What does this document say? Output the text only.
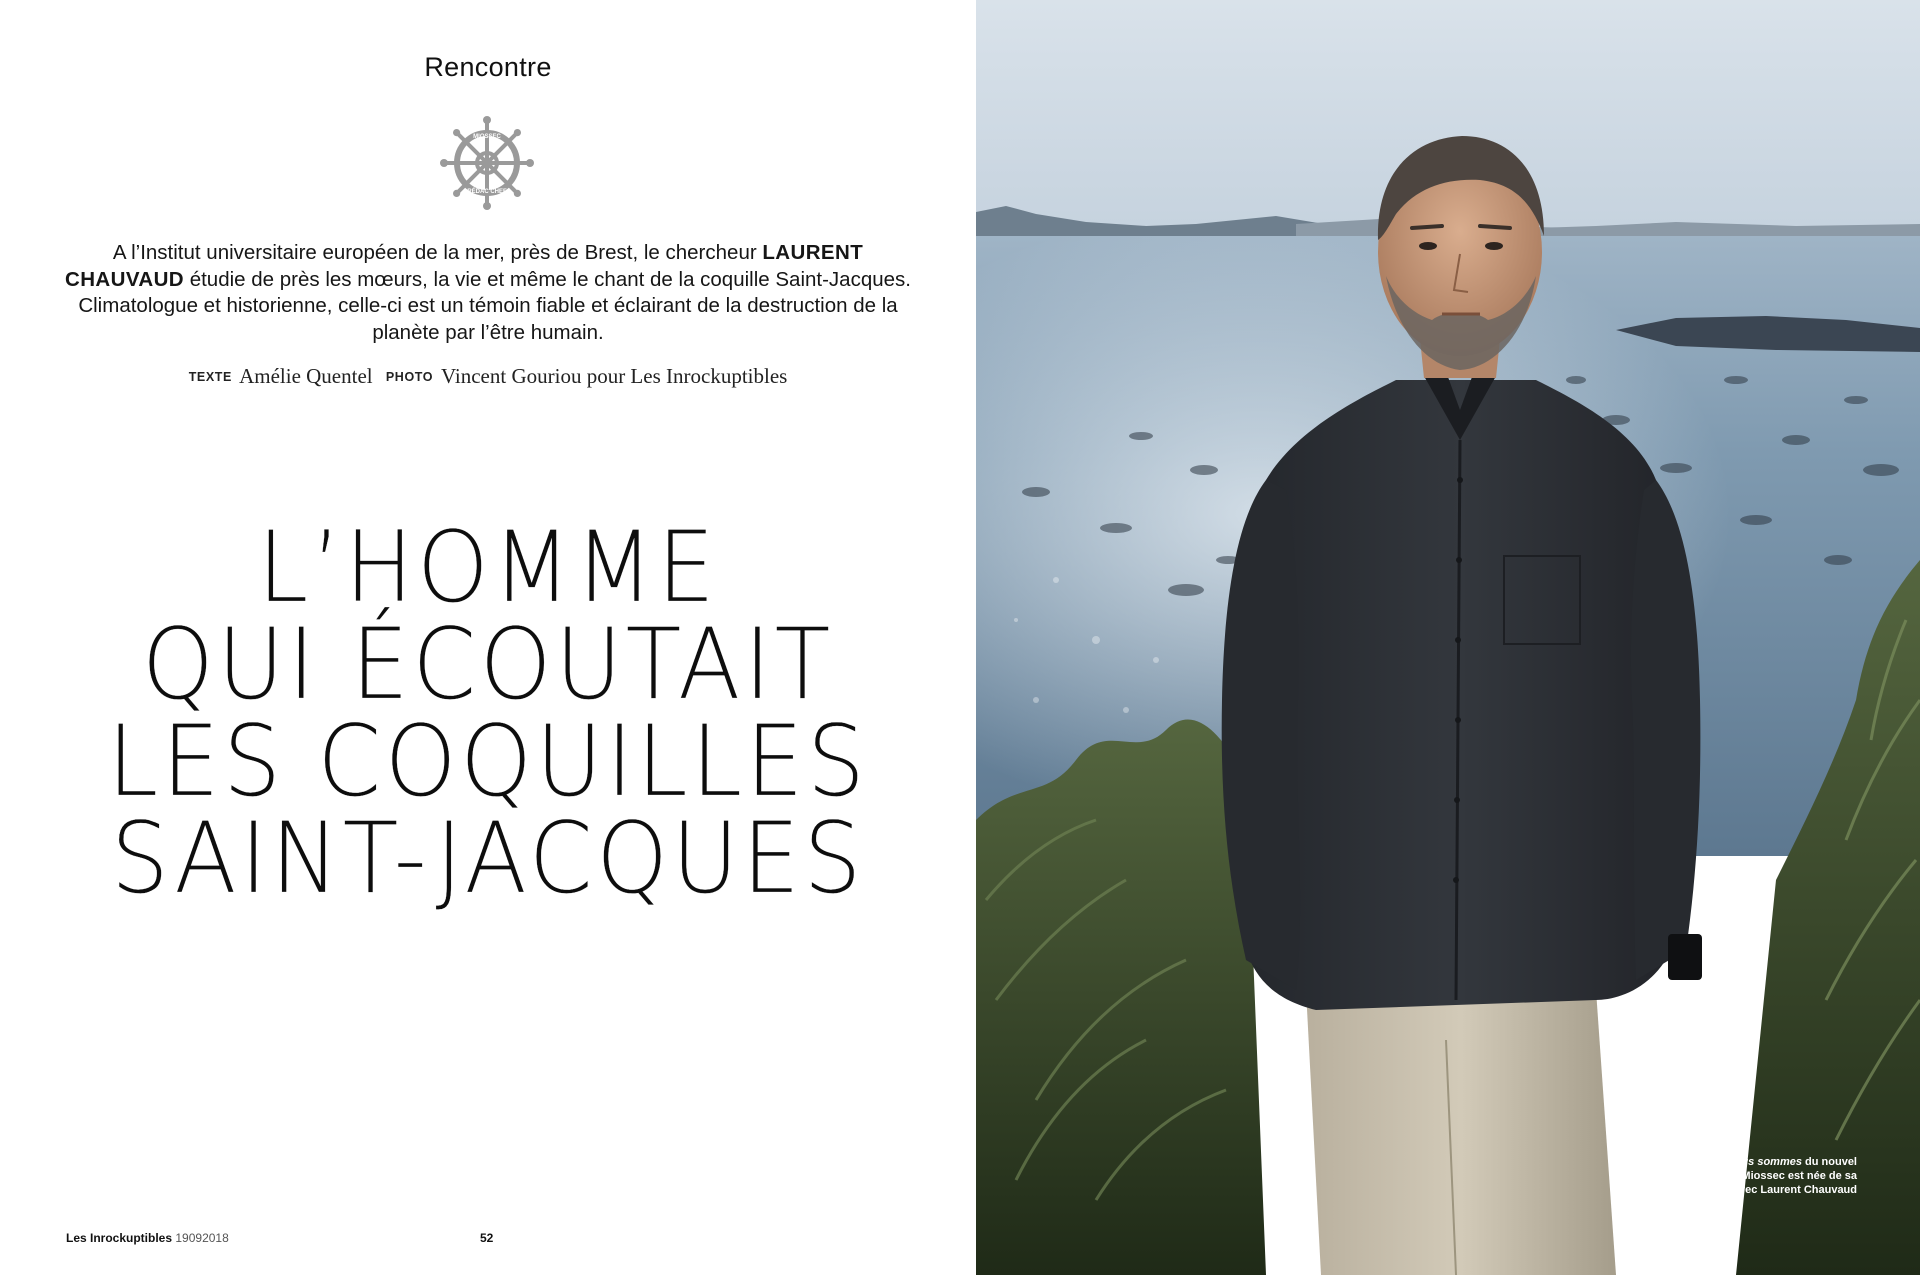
Rencontre
MIOSSEC
RÉDAC CHEF

A l’Institut universitaire européen de la mer, près de Brest, le chercheur LAURENT CHAUVAUD étudie de près les mœurs, la vie et même le chant de la coquille Saint-Jacques. Climatologue et historienne, celle-ci est un témoin fiable et éclairant de la destruction de la planète par l’être humain.

TEXTE Amélie Quentel PHOTO Vincent Gouriou pour Les Inrockuptibles
L’HOMME
QUI ÉCOUTAIT
LES COQUILLES
SAINT-JACQUES
Les Inrockuptibles 19092018	52
Le chanson Nous sommes du nouvel album de Miossec est née de sa rencontre avec Laurent Chauvaud
